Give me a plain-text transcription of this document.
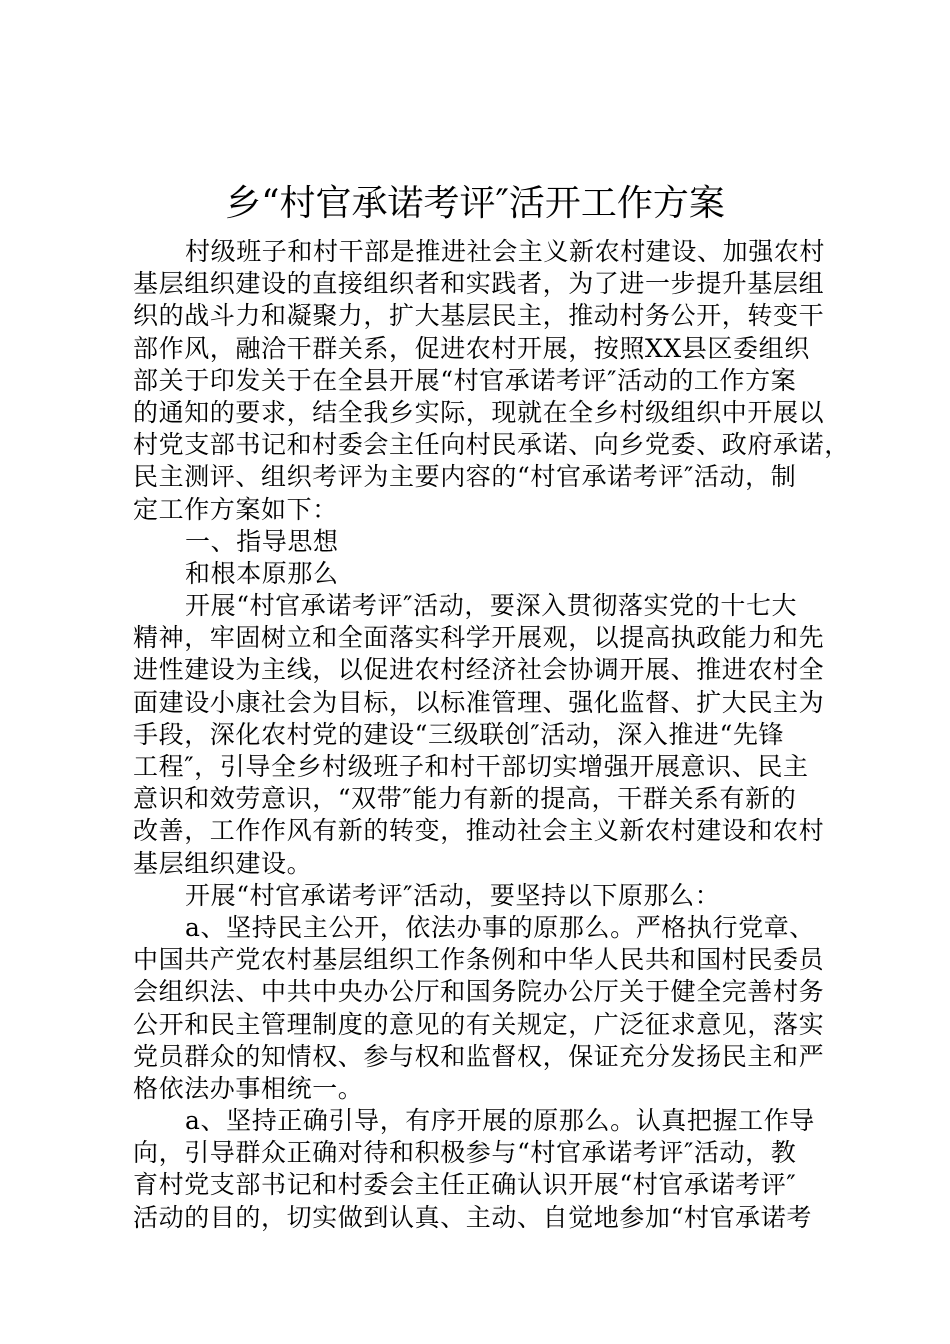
乡“村官承诺考评″活开工作方案
村级班子和村干部是推进社会主义新农村建设、加强农村
基层组织建设的直接组织者和实践者，为了进一步提升基层组
织的战斗力和凝聚力，扩大基层民主，推动村务公开，转变干
部作风，融洽干群关系，促进农村开展，按照XX县区委组织
部关于印发关于在全县开展“村官承诺考评″活动的工作方案
的通知的要求，结全我乡实际，现就在全乡村级组织中开展以
村党支部书记和村委会主任向村民承诺、向乡党委、政府承诺，
民主测评、组织考评为主要内容的“村官承诺考评″活动，制
定工作方案如下：
一、指导思想
和根本原那么
开展“村官承诺考评″活动，要深入贯彻落实党的十七大
精神，牢固树立和全面落实科学开展观，以提高执政能力和先
进性建设为主线，以促进农村经济社会协调开展、推进农村全
面建设小康社会为目标，以标准管理、强化监督、扩大民主为
手段，深化农村党的建设“三级联创″活动，深入推进“先锋
工程″，引导全乡村级班子和村干部切实增强开展意识、民主
意识和效劳意识，“双带″能力有新的提高，干群关系有新的
改善，工作作风有新的转变，推动社会主义新农村建设和农村
基层组织建设。
开展“村官承诺考评″活动，要坚持以下原那么：
a、坚持民主公开，依法办事的原那么。严格执行党章、
中国共产党农村基层组织工作条例和中华人民共和国村民委员
会组织法、中共中央办公厅和国务院办公厅关于健全完善村务
公开和民主管理制度的意见的有关规定，广泛征求意见，落实
党员群众的知情权、参与权和监督权，保证充分发扬民主和严
格依法办事相统一。
a、坚持正确引导，有序开展的原那么。认真把握工作导
向，引导群众正确对待和积极参与“村官承诺考评″活动，教
育村党支部书记和村委会主任正确认识开展“村官承诺考评″
活动的目的，切实做到认真、主动、自觉地参加“村官承诺考
